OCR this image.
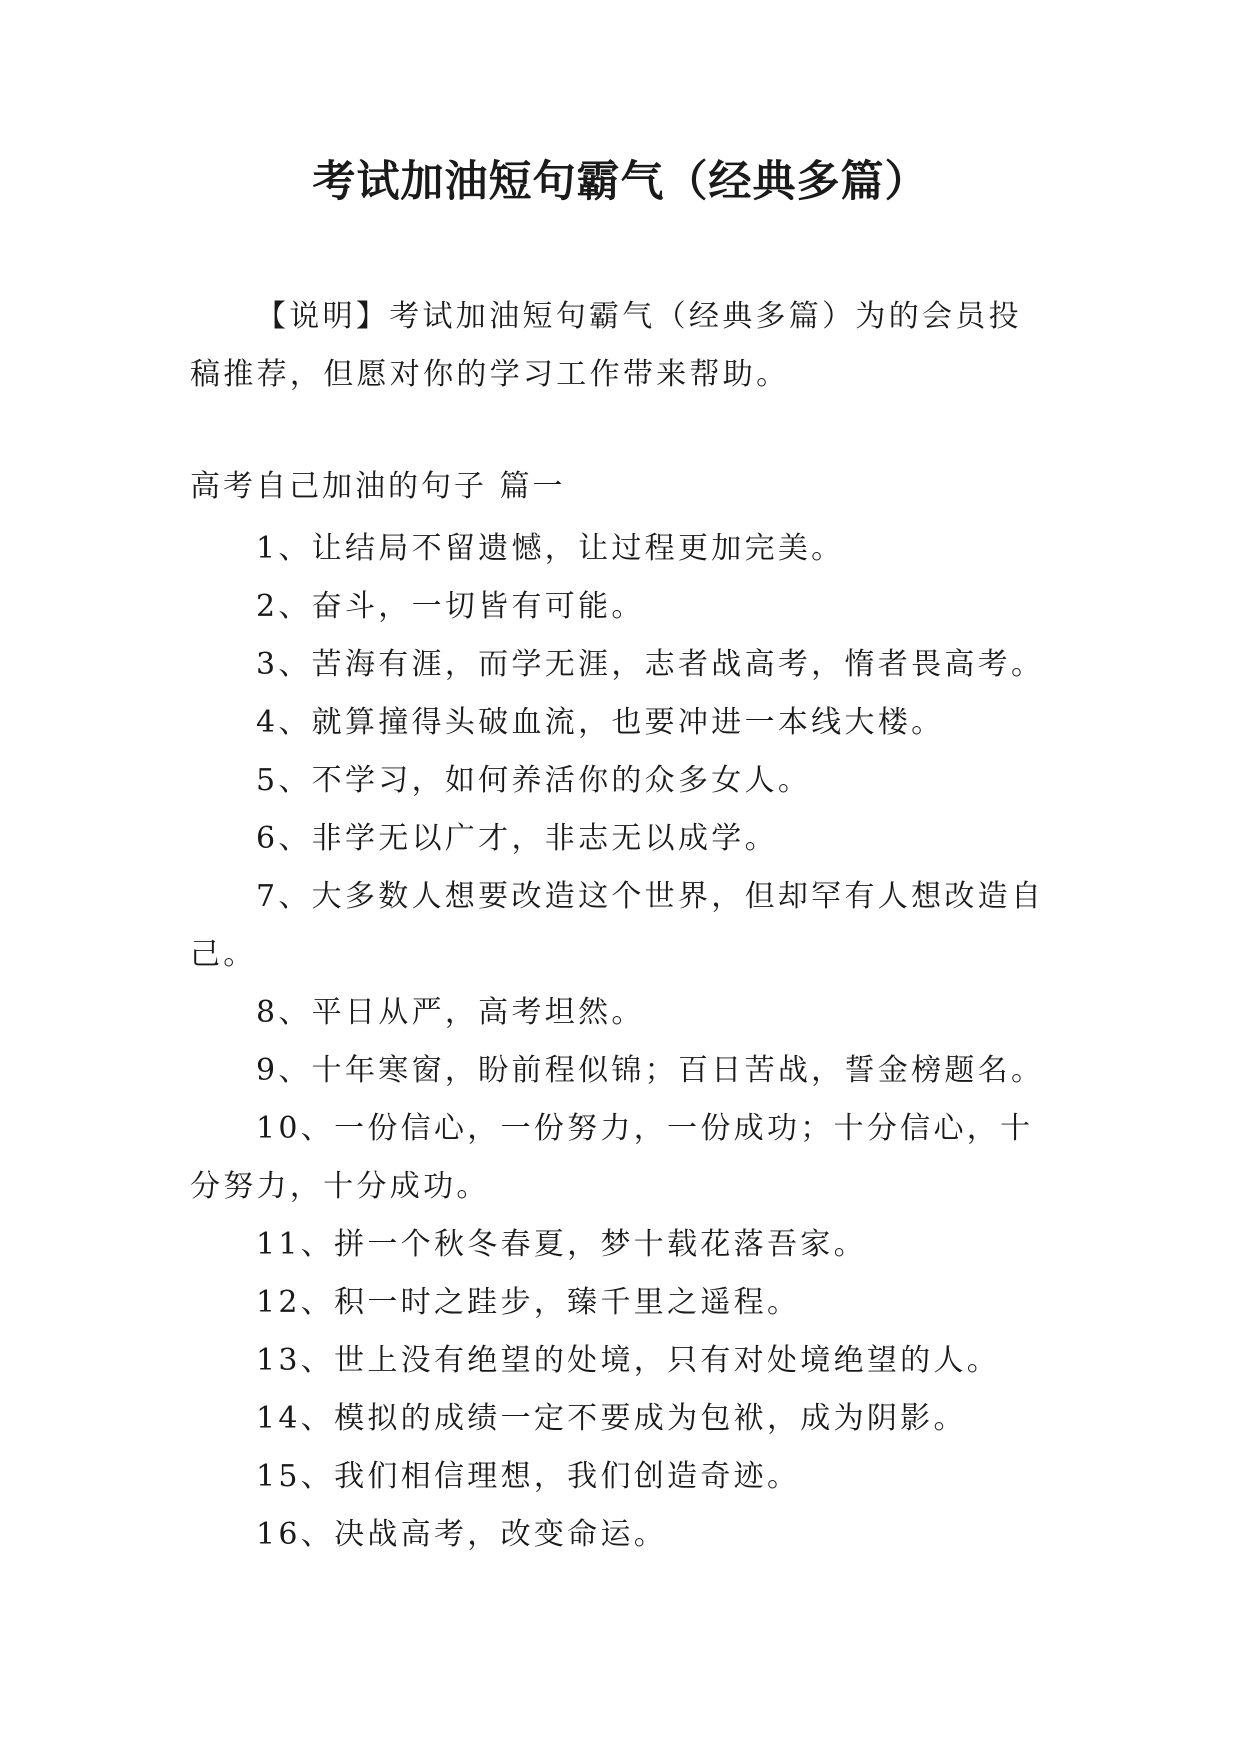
考试加油短句霸气（经典多篇）

【说明】考试加油短句霸气（经典多篇）为的会员投稿推荐，但愿对你的学习工作带来帮助。

高考自己加油的句子 篇一
1、让结局不留遗憾，让过程更加完美。
2、奋斗，一切皆有可能。
3、苦海有涯，而学无涯，志者战高考，惰者畏高考。
4、就算撞得头破血流，也要冲进一本线大楼。
5、不学习，如何养活你的众多女人。
6、非学无以广才，非志无以成学。
7、大多数人想要改造这个世界，但却罕有人想改造自己。
8、平日从严，高考坦然。
9、十年寒窗，盼前程似锦；百日苦战，誓金榜题名。
10、一份信心，一份努力，一份成功；十分信心，十分努力，十分成功。
11、拼一个秋冬春夏，梦十载花落吾家。
12、积一时之跬步，臻千里之遥程。
13、世上没有绝望的处境，只有对处境绝望的人。
14、模拟的成绩一定不要成为包袱，成为阴影。
15、我们相信理想，我们创造奇迹。
16、决战高考，改变命运。
